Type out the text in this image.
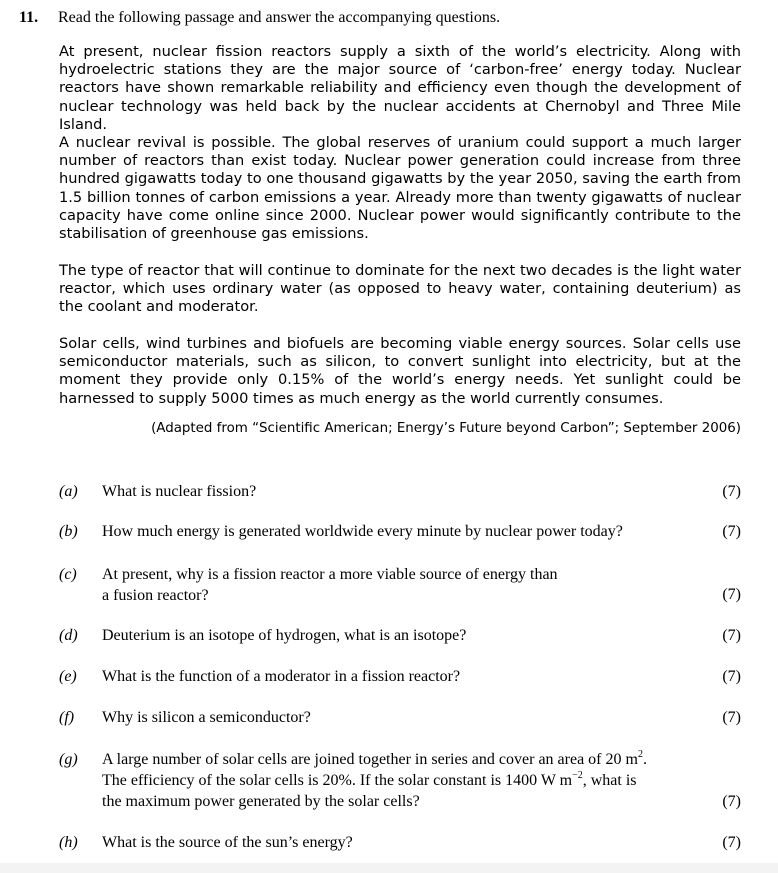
11. Read the following passage and answer the accompanying questions.

At present, nuclear fission reactors supply a sixth of the world’s electricity. Along with hydroelectric stations they are the major source of ‘carbon-free’ energy today. Nuclear reactors have shown remarkable reliability and efficiency even though the development of nuclear technology was held back by the nuclear accidents at Chernobyl and Three Mile Island.

A nuclear revival is possible. The global reserves of uranium could support a much larger number of reactors than exist today. Nuclear power generation could increase from three hundred gigawatts today to one thousand gigawatts by the year 2050, saving the earth from 1.5 billion tonnes of carbon emissions a year. Already more than twenty gigawatts of nuclear capacity have come online since 2000. Nuclear power would significantly contribute to the stabilisation of greenhouse gas emissions.

The type of reactor that will continue to dominate for the next two decades is the light water reactor, which uses ordinary water (as opposed to heavy water, containing deuterium) as the coolant and moderator.

Solar cells, wind turbines and biofuels are becoming viable energy sources. Solar cells use semiconductor materials, such as silicon, to convert sunlight into electricity, but at the moment they provide only 0.15% of the world’s energy needs. Yet sunlight could be harnessed to supply 5000 times as much energy as the world currently consumes.

(Adapted from “Scientific American; Energy’s Future beyond Carbon”; September 2006)
(a) What is nuclear fission?	(7)
(b) How much energy is generated worldwide every minute by nuclear power today?	(7)
(c) At present, why is a fission reactor a more viable source of energy than
a fusion reactor?	(7)
(d) Deuterium is an isotope of hydrogen, what is an isotope?	(7)
(e) What is the function of a moderator in a fission reactor?	(7)
(f) Why is silicon a semiconductor?	(7)
(g) A large number of solar cells are joined together in series and cover an area of 20 $m^2$.
The efficiency of the solar cells is 20%. If the solar constant is 1400 W $m^{-2}$, what is
the maximum power generated by the solar cells?	(7)
(h) What is the source of the sun’s energy?	(7)
